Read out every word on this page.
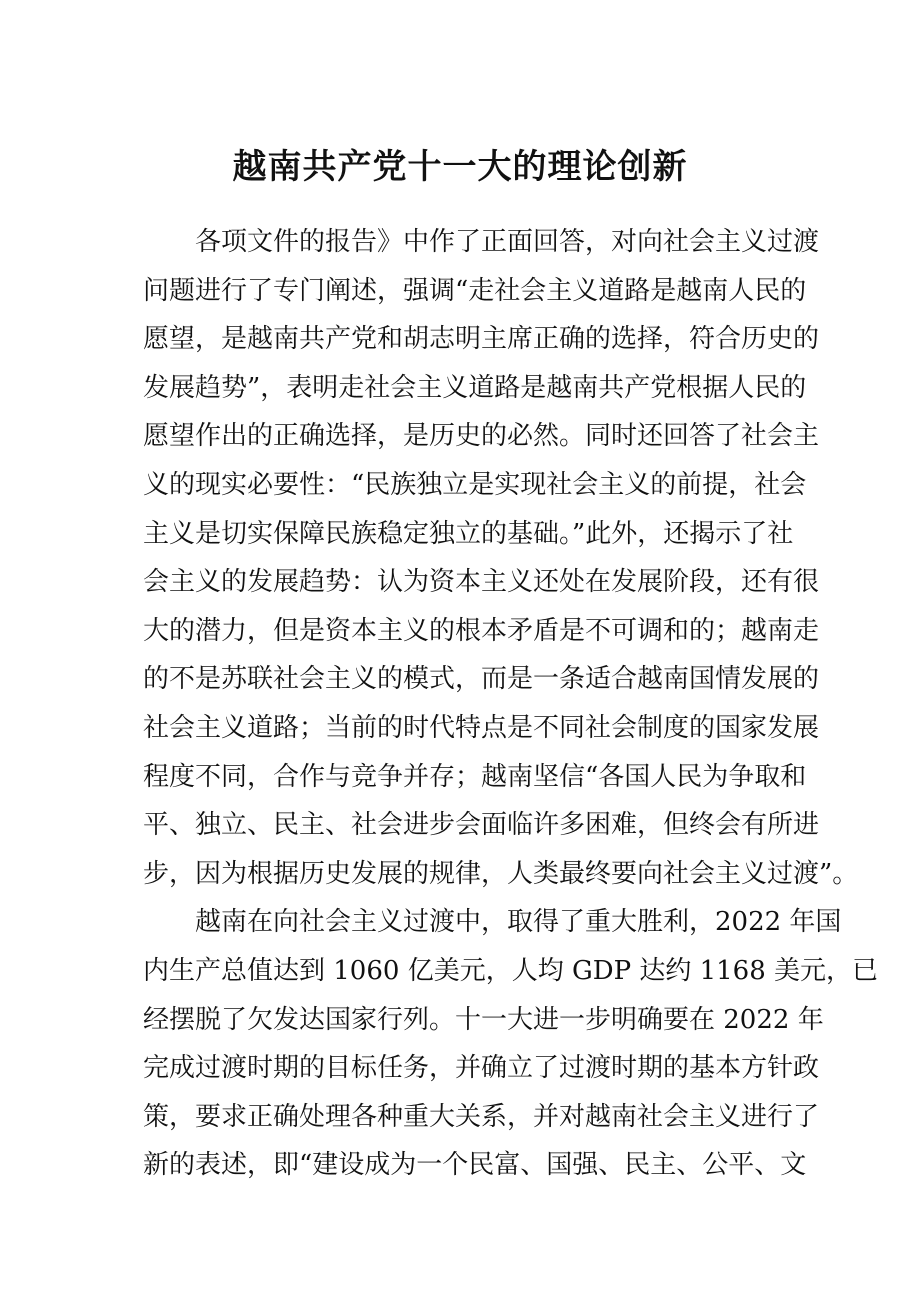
越南共产党十一大的理论创新
各项文件的报告》中作了正面回答，对向社会主义过渡
问题进行了专门阐述，强调“走社会主义道路是越南人民的
愿望，是越南共产党和胡志明主席正确的选择，符合历史的
发展趋势”，表明走社会主义道路是越南共产党根据人民的
愿望作出的正确选择，是历史的必然。同时还回答了社会主
义的现实必要性：“民族独立是实现社会主义的前提，社会
主义是切实保障民族稳定独立的基础。”此外，还揭示了社
会主义的发展趋势：认为资本主义还处在发展阶段，还有很
大的潜力，但是资本主义的根本矛盾是不可调和的；越南走
的不是苏联社会主义的模式，而是一条适合越南国情发展的
社会主义道路；当前的时代特点是不同社会制度的国家发展
程度不同，合作与竞争并存；越南坚信“各国人民为争取和
平、独立、民主、社会进步会面临许多困难，但终会有所进
步，因为根据历史发展的规律，人类最终要向社会主义过渡”。
越南在向社会主义过渡中，取得了重大胜利，2022 年国
内生产总值达到 1060 亿美元，人均 GDP 达约 1168 美元，已
经摆脱了欠发达国家行列。十一大进一步明确要在 2022 年
完成过渡时期的目标任务，并确立了过渡时期的基本方针政
策，要求正确处理各种重大关系，并对越南社会主义进行了
新的表述，即“建设成为一个民富、国强、民主、公平、文
